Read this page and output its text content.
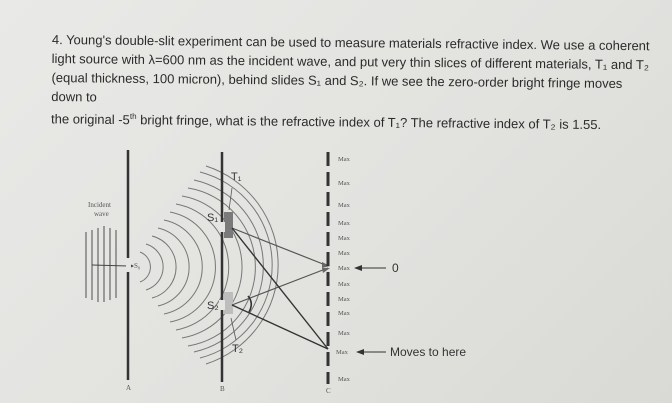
4. Young's double-slit experiment can be used to measure materials refractive index. We use a coherent

light source with λ=600 nm as the incident wave, and put very thin slices of different materials, T₁ and T₂

(equal thickness, 100 micron), behind slides S₁ and S₂. If we see the zero-order bright fringe moves down to

the original -5th bright fringe, what is the refractive index of T₁? The refractive index of T₂ is 1.55.

Incident
wave
S₀
S₁
S₂
T₁
T₂
A	B	C
Max
Max
Max
Max
Max
Max
Max
Max
Max
Max
Max
Max
Max
0
Moves to here
